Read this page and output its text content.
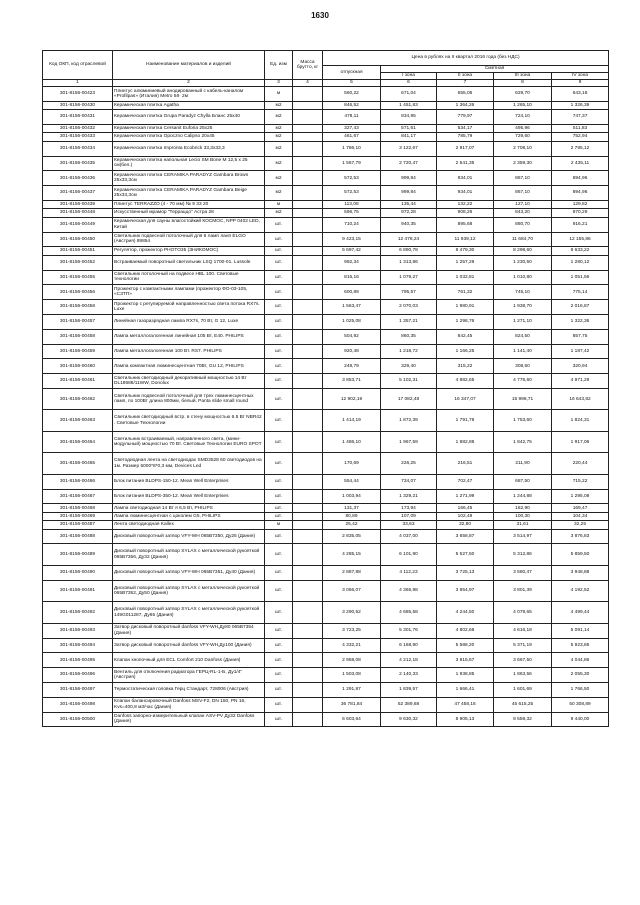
1630
Код ОКП, код отраслевой	Наименование материалов и изделий	Ед. изм	Масса брутто, кг	Цена в рублях на II квартал 2016 года (без НДС)				
				отпускная	Сметная			
					I зона	II зона	III зона	IV зона
1	2	3	4	5	6	7	8	9
301-8156-00423	Плинтус алюминиевый анодированный с кабель-каналом «Profilpas» (Италия) Metro 58· 2м	м		560,22	671,04	655,05	629,70	643,18
301-8156-00430	Керамическая плитка Agatha	м2		846,52	1 451,83	1 364,26	1 265,10	1 326,39
301-8156-00431	Керамическая плитка Grupa Paradyz Chylla Бланс 25х40	м2		478,11	834,95	779,97	724,10	747,37
301-8156-00432	Керамическая плитка Cersanit Euforia 25х25	м2		327,43	571,61	534,17	495,96	511,83
301-8156-00433	Керамическая плитка Opoczno Calipso 20х45	м2		461,67	841,17	785,79	729,60	752,94
301-8156-00434	Керамическая плитка Impronta Ecobrick 33,3х33,3	м2		1 786,10	3 122,67	2 917,07	2 708,10	2 795,12
301-8156-00435	Керамическая плитка напольная Lecio SM Bone M 12,5 х 25 см(бел.)	м2		1 557,79	2 720,47	2 541,35	2 359,30	2 435,11
301-8156-00436	Керамическая плитка CERAMIKA PARADYZ Gambara Brown 25х33,3см	м2		572,53	999,84	934,01	867,10	894,96
301-8156-00437	Керамическая плитка CERAMIKA PARADYZ Gambara Beige 25х33,3см	м2		572,53	999,84	934,01	867,10	894,96
301-8156-00439	Плинтус TERRAZZO (4 - 70 мм) № 9 33 20	м		113,08	135,44	132,22	127,10	129,82
301-8156-00448	Искусственный мрамор "Терраццо" Астра 28	м2		596,75	972,28	908,26	843,20	870,29
301-8156-00449	Керамическая для сауны влагостойкий КОСМОС, NPP 0402 LED, Китай	шт.		710,24	940,35	895,68	880,70	916,21
301-8156-00450	Светильник подвесной потолочный для 6 ламп ланп ELGO (Австрия) 89854	шт.		9 423,15	12 478,24	11 939,12	11 684,70	12 155,86
301-8156-00451	Регулятор, прожектор PHOTO35 (ЗНИКОМОС)	шт.		5 697,42	6 890,78	8 479,30	8 298,60	8 633,22
301-8156-00452	Встраиваемый поворотный светильник LSQ 1700-01. Lussole	шт.		992,34	1 313,86	1 257,29	1 230,50	1 280,12
301-8156-00455	Светильник потолочный на подвесе НВL 100. Световые технологии	шт.		815,16	1 079,27	1 032,81	1 010,80	1 051,56
301-8156-00456	Прожектор с компактными лампами (прожектор ФО-03-105, «СЗТП»	шт.		600,89	795,57	761,32	745,10	775,14
301-8156-00458	Прожектор с регулируемой направленностью света потока RX7s. Luxe	шт.		1 563,47	2 070,03	1 980,91	1 938,70	2 016,87
301-8156-00457	Линейная газоразрядная лампа RX7s, 70 Вт, G 12, Luxe	шт.		1 025,08	1 357,21	1 298,76	1 271,10	1 322,36
301-8156-00458	Лампа металлогалогенная линейная 105 Вт, E40. PHILIPS	шт.		504,92	860,35	842,45	824,50	857,75
301-8156-00459	Лампа металлогалогенная 100 Вт. RS7. PHILIPS	шт.		920,48	1 218,72	1 166,25	1 141,40	1 187,42
301-8156-00460	Лампа компактная люминесцентная 70Вт, GU 12, PHILIPS	шт.		248,79	329,40	315,22	308,50	320,94
301-8156-00461	Светильник светодиодный декоративный мощностью 14 Вт DL18688/11WW, Donolux	шт.		3 853,71	5 102,31	4 882,65	4 776,60	4 971,29
301-8156-00462	Светильник подвесной потолочный для трех люминесцентных ламп, по 100Вт длина 800мм, белый. Panta slide small round	шт.		12 902,19	17 082,48	16 347,07	15 998,71	16 643,82
301-8156-00463	Светильник светодиодный встр. в стену мощностью 6.5 Вт NBR42 . Световые Технологии	шт.		1 414,19	1 872,39	1 791,78	1 753,60	1 824,31
301-8156-00464	Светильник встраиваемый, направленного света, (мини-модульный) мощностью 70 Вт. Световые Технологии EURO SPOT	шт.		1 486,10	1 967,59	1 882,88	1 842,75	1 917,06
301-8156-00465	Светодиодная лента на светодиодах SMD3528 60 светодиодов на 1м. Размер 5000*8*0,3 мм, Deviсes Led	шт.		170,69	226,25	216,51	211,90	220,44
301-8156-00466	Блок питания BLDPS-150-12. Mean Well Enterprises	шт.		554,44	734,07	702,47	687,50	715,22
301-8156-00467	Блок питания BLDPS-350-12. Mean Well Enterprises	шт.		1 003,94	1 329,21	1 271,99	1 244,88	1 295,08
301-8156-00468	Лампа светодиодная 14 Вт я 6,5 Вт, PHILIPS	шт.		131,37	173,94	166,45	162,90	169,47
301-8156-00469	Лампа люминесцентная с цоколем G5, PHILIPS	шт.		80,89	107,09	102,48	100,30	104,34
301-8156-00487	Лента светодиодная Kallex	м		25,42	33,63	32,80	31,61	32,25
301-8156-00488	Дисковый поворотный затвор VFY-WH 065B7350, Ду25 (Дания)	шт.		2 835,05	4 037,00	3 658,87	3 514,97	3 876,83
301-8156-00489	Дисковый поворотный затвор SYLAX с металлической рукояткой 065B7356, Ду32 (Дания)	шт.		4 285,15	6 101,90	5 527,50	5 312,86	5 859,50
301-8156-00490	Дисковый поворотный затвор VFY-WH 065B7351, Ду40 (Дания)	шт.		2 887,88	4 112,23	3 725,13	3 580,47	3 948,88
301-8156-00491	Дисковый поворотный затвор SYLAX с металлической рукояткой 065B7352, Ду50 (Дания)	шт.		3 066,07	4 365,98	3 954,97	3 801,39	4 192,52
301-8156-00492	Дисковый поворотный затвор SYLAX с металлической рукояткой 149G011287, Ду65 (Дания)	шт.		3 290,52	4 685,58	4 244,50	4 079,65	4 499,44
301-8156-00493	Затвор дисковый поворотный danfoss VFY-WH,Ду80 065B7354 (Дания)	шт.		3 723,25	5 301,76	4 802,68	4 616,18	5 091,14
301-8156-00494	Затвор дисковый поворотный danfoss VFY-WH,Ду100 (Дания)	шт.		4 332,21	6 168,90	5 588,20	5 371,19	5 923,85
301-8156-00495	Клапан кнопочный для ECL Comfort 210 Danfoss (Дания)	шт.		2 958,08	4 212,18	3 815,67	3 667,50	4 044,86
301-8156-00496	Вентиль для отключения радиатора ГЕРЦ-RL-1-Б, Ду1/4" (Австрия)	шт.		1 503,08	2 140,33	1 938,85	1 863,56	2 055,30
301-8156-00497	Термостатическая головка Герц Стандарт, 728006 (Австрия)	шт.		1 291,87	1 839,57	1 666,41	1 601,69	1 766,50
301-8156-00498	Клапан балансировочный Danfoss MSV-F2, DN 150, PN 16, Kvs=400,8 м3/час (Дания)	шт.		36 781,84	52 389,68	47 458,16	45 615,25	50 308,89
301-8156-00500	Danfoss запорно-измерительный клапан ASV-PV Ду32 Danfoss (Дания)	шт.		6 603,64	9 630,32	8 905,13	8 559,32	9 440,00
